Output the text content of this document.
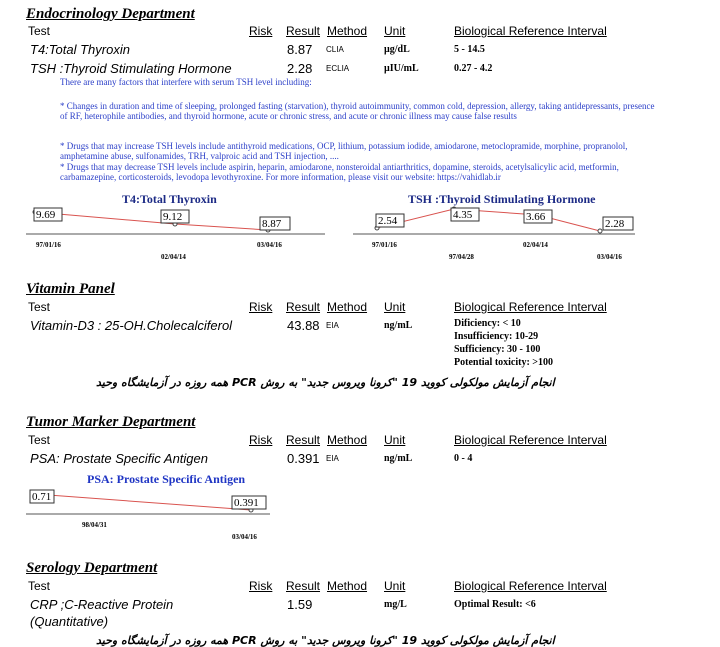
Endocrinology Department
Test	Risk Result Method Unit	Biological Reference Interval
T4:Total Thyroxin	8.87 CLIA	µg/dL	5 - 14.5
TSH :Thyroid Stimulating Hormone	2.28 ECLIA	µIU/mL	0.27 - 4.2
There are many factors that interfere with serum TSH level including:
* Changes in duration and time of sleeping, prolonged fasting (starvation), thyroid autoimmunity, common cold, depression, allergy, taking antidepressants, presence of RF, heterophile antibodies, and thyroid hormone, acute or chronic stress, and acute or chronic illness may cause false results
* Drugs that may increase TSH levels include antithyroid medications, OCP, lithium, potassium iodide, amiodarone, metoclopramide, morphine, propranolol, amphetamine abuse, sulfonamides, TRH, valproic acid and TSH injection, ....
* Drugs that may decrease TSH levels include aspirin, heparin, amiodarone, nonsteroidal antiarthritics, dopamine, steroids, acetylsalicylic acid, metformin, carbamazepine, corticosteroids, levodopa levothyroxine. For more information, please visit our website: https://vahidlab.ir
T4:Total Thyroxin
9.69	9.12
8.87
97/01/16
02/04/14
03/04/16
TSH :Thyroid Stimulating Hormone
2.54	4.35	3.66
2.28
97/01/16
97/04/28
02/04/14
03/04/16
Vitamin Panel
Test	Risk Result Method Unit	Biological Reference Interval
Vitamin-D3 : 25-OH.Cholecalciferol	43.88 EIA	ng/mL	Dificiency: < 10
Insufficiency: 10-29
Sufficiency: 30 - 100
Potential toxicity: >100
انجام آزمایش مولکولی کووید 19 "کرونا ویروس جدید" به روش PCR همه روزه در آزمایشگاه وحید
Tumor Marker Department
Test	Risk Result Method Unit	Biological Reference Interval
PSA: Prostate Specific Antigen	0.391 EIA	ng/mL	0 - 4
PSA: Prostate Specific Antigen
0.71	0.391
98/04/31
03/04/16
Serology Department
Test	Risk Result Method Unit	Biological Reference Interval
CRP ;C-Reactive Protein
(Quantitative)
1.59	mg/L	Optimal Result: <6
انجام آزمایش مولکولی کووید 19 "کرونا ویروس جدید" به روش PCR همه روزه در آزمایشگاه وحید
